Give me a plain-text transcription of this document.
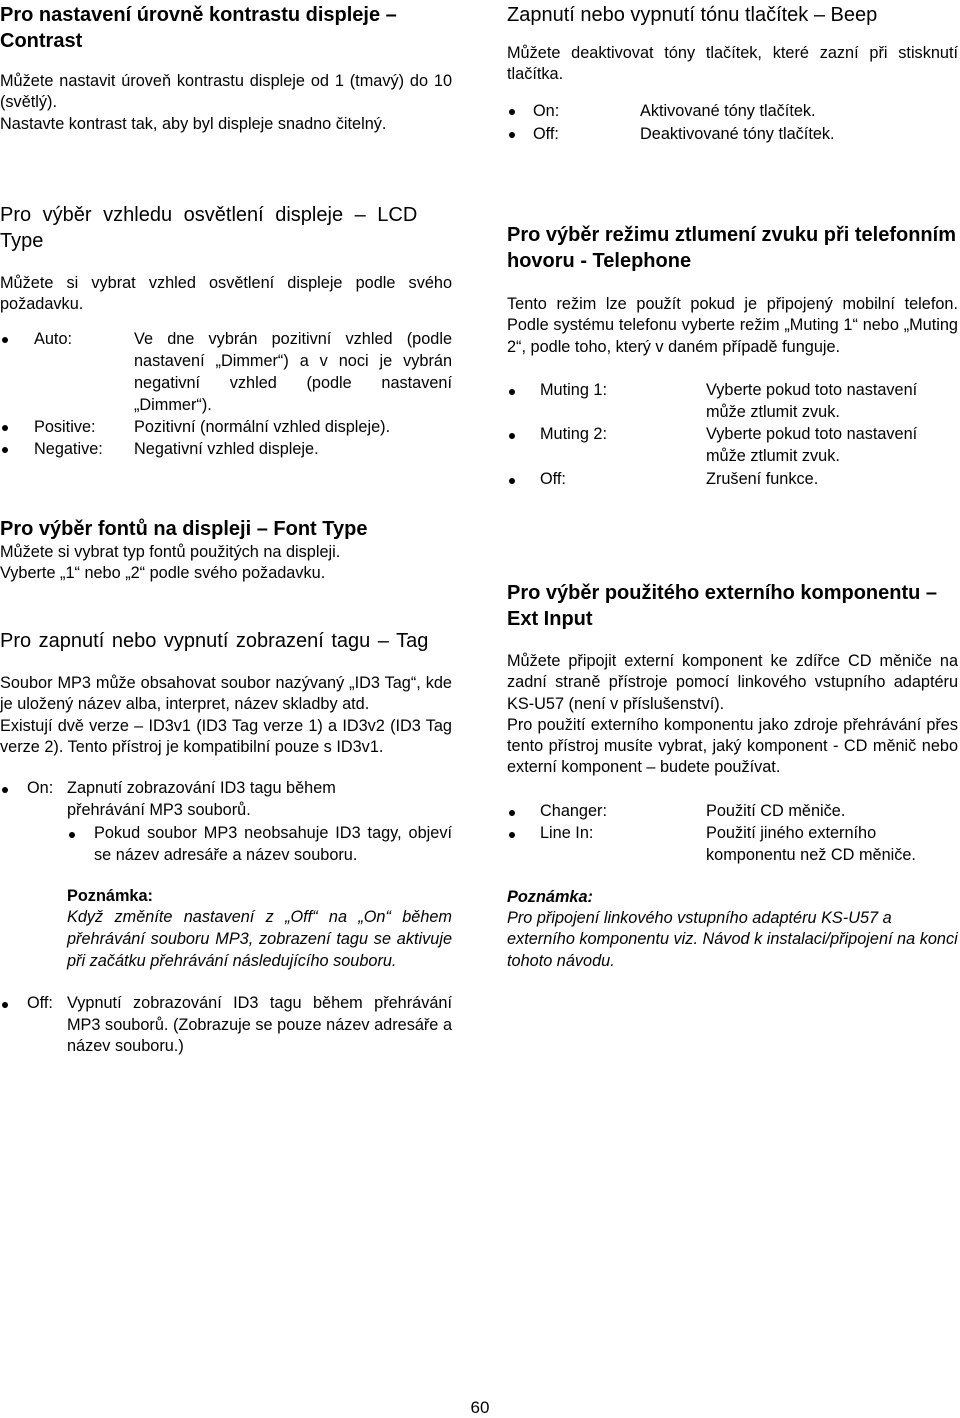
Pro nastavení úrovně kontrastu displeje – Contrast

Můžete nastavit úroveň kontrastu displeje od 1 (tmavý) do 10 (světlý).

Nastavte kontrast tak, aby byl displeje snadno čitelný.

Pro výběr vzhledu osvětlení displeje – LCD Type

Můžete si vybrat vzhled osvětlení displeje podle svého požadavku.

Auto:	Ve dne vybrán pozitivní vzhled (podle nastavení „Dimmer“) a v noci je vybrán negativní vzhled (podle nastavení „Dimmer“).
Positive: Pozitivní (normální vzhled displeje).
Negative: Negativní vzhled displeje.
Pro výběr fontů na displeji – Font Type

Můžete si vybrat typ fontů použitých na displeji.

Vyberte „1“ nebo „2“ podle svého požadavku.

Pro zapnutí nebo vypnutí zobrazení tagu – Tag

Soubor MP3 může obsahovat soubor nazývaný „ID3 Tag“, kde je uložený název alba, interpret, název skladby atd.

Existují dvě verze – ID3v1 (ID3 Tag verze 1) a ID3v2 (ID3 Tag verze 2). Tento přístroj je kompatibilní pouze s ID3v1.

On: Zapnutí zobrazování ID3 tagu během přehrávání MP3 souborů.
Pokud soubor MP3 neobsahuje ID3 tagy, objeví se název adresáře a název souboru.

Poznámka:

Když změníte nastavení z „Off“ na „On“ během přehrávání souboru MP3, zobrazení tagu se aktivuje při začátku přehrávání následujícího souboru.

Off: Vypnutí zobrazování ID3 tagu během přehrávání MP3 souborů. (Zobrazuje se pouze název adresáře a název souboru.)
Zapnutí nebo vypnutí tónu tlačítek – Beep

Můžete deaktivovat tóny tlačítek, které zazní při stisknutí tlačítka.

On:	Aktivované tóny tlačítek.
Off:	Deaktivované tóny tlačítek.
Pro výběr režimu ztlumení zvuku při telefonním hovoru - Telephone

Tento režim lze použít pokud je připojený mobilní telefon. Podle systému telefonu vyberte režim „Muting 1“ nebo „Muting 2“, podle toho, který v daném případě funguje.

Muting 1:	Vyberte pokud toto nastavení může ztlumit zvuk.
Muting 2:	Vyberte pokud toto nastavení může ztlumit zvuk.
Off:	Zrušení funkce.
Pro výběr použitého externího komponentu – Ext Input

Můžete připojit externí komponent ke zdířce CD měniče na zadní straně přístroje pomocí linkového vstupního adaptéru KS-U57 (není v příslušenství).

Pro použití externího komponentu jako zdroje přehrávání přes tento přístroj musíte vybrat, jaký komponent - CD měnič nebo externí komponent – budete používat.

Changer:	Použití CD měniče.
Line In:	Použití jiného externího komponentu než CD měniče.

Poznámka:

Pro připojení linkového vstupního adaptéru KS-U57 a externího komponentu viz. Návod k instalaci/připojení na konci tohoto návodu.

60
